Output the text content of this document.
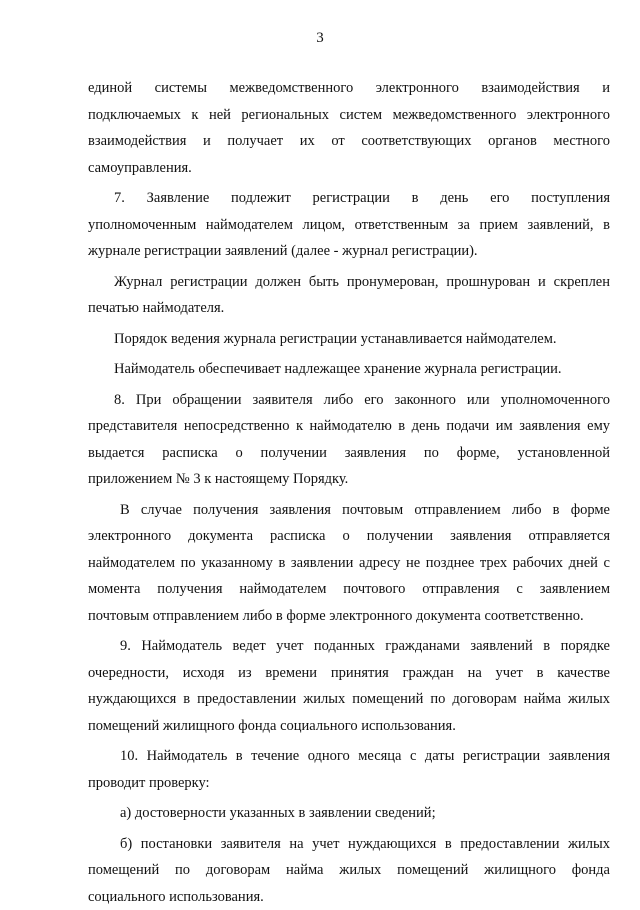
3
единой системы межведомственного электронного взаимодействия и
подключаемых к ней региональных систем межведомственного электронного
взаимодействия и получает их от соответствующих органов местного
самоуправления.
7. Заявление подлежит регистрации в день его поступления
уполномоченным наймодателем лицом, ответственным за прием заявлений, в
журнале регистрации заявлений (далее - журнал регистрации).
Журнал регистрации должен быть пронумерован, прошнурован и скреплен
печатью наймодателя.
Порядок ведения журнала регистрации устанавливается наймодателем.
Наймодатель обеспечивает надлежащее хранение журнала регистрации.
8. При обращении заявителя либо его законного или уполномоченного
представителя непосредственно к наймодателю в день подачи им заявления ему
выдается расписка о получении заявления по форме, установленной
приложением № 3 к настоящему Порядку.
В случае получения заявления почтовым отправлением либо в форме
электронного документа расписка о получении заявления отправляется
наймодателем по указанному в заявлении адресу не позднее трех рабочих дней с
момента получения наймодателем почтового отправления с заявлением
почтовым отправлением либо в форме электронного документа соответственно.
9. Наймодатель ведет учет поданных гражданами заявлений в порядке
очередности, исходя из времени принятия граждан на учет в качестве
нуждающихся в предоставлении жилых помещений по договорам найма жилых
помещений жилищного фонда социального использования.
10. Наймодатель в течение одного месяца с даты регистрации заявления
проводит проверку:
а) достоверности указанных в заявлении сведений;
б) постановки заявителя на учет нуждающихся в предоставлении жилых
помещений по договорам найма жилых помещений жилищного фонда
социального использования.
